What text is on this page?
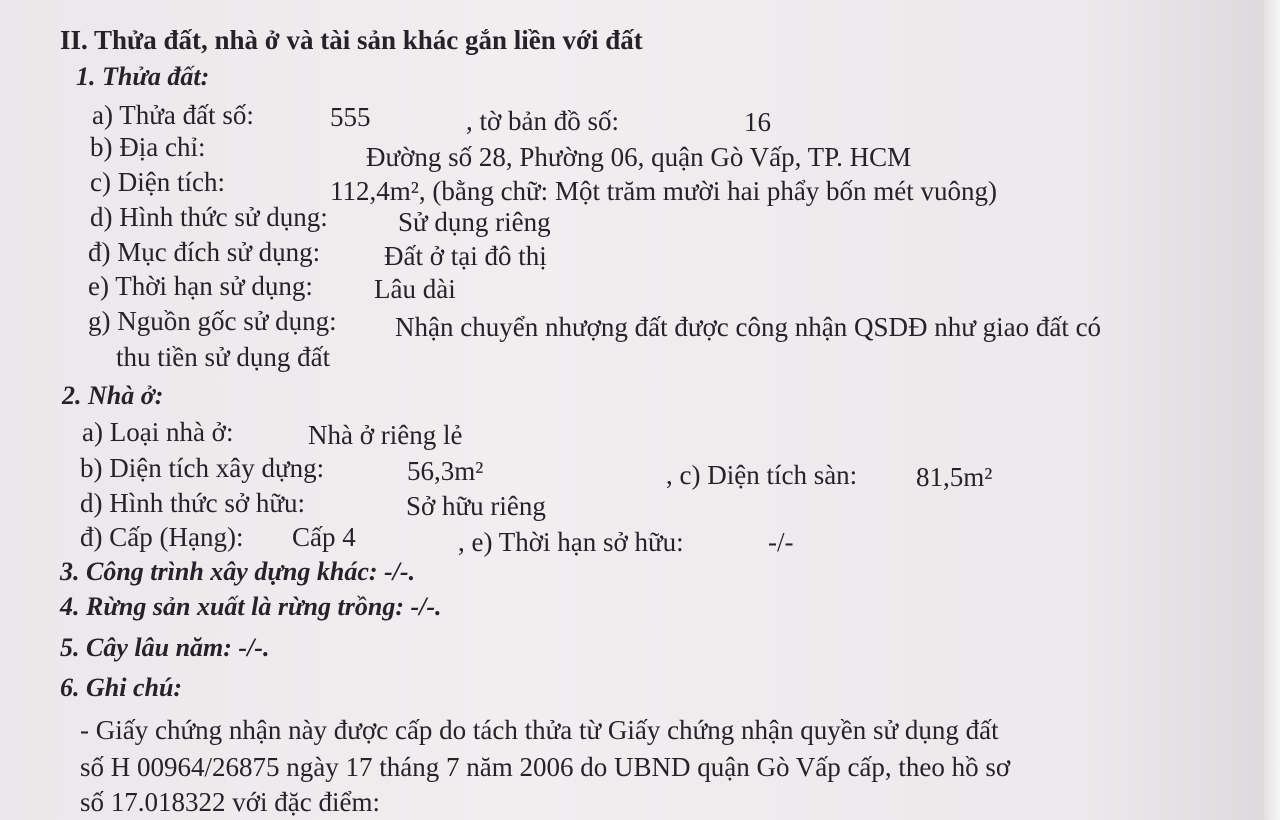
II. Thửa đất, nhà ở và tài sản khác gắn liền với đất
1. Thửa đất:
a) Thửa đất số:	555	, tờ bản đồ số:	16
b) Địa chỉ:	Đường số 28, Phường 06, quận Gò Vấp, TP. HCM
c) Diện tích:	112,4m², (bằng chữ: Một trăm mười hai phẩy bốn mét vuông)
d) Hình thức sử dụng:	Sử dụng riêng
đ) Mục đích sử dụng: Đất ở tại đô thị
e) Thời hạn sử dụng: Lâu dài
g) Nguồn gốc sử dụng: Nhận chuyển nhượng đất được công nhận QSDĐ như giao đất có
thu tiền sử dụng đất
2. Nhà ở:
a) Loại nhà ở:	Nhà ở riêng lẻ
b) Diện tích xây dựng:	56,3m²	, c) Diện tích sàn: 81,5m²
d) Hình thức sở hữu:	Sở hữu riêng
đ) Cấp (Hạng): Cấp 4	, e) Thời hạn sở hữu:	-/-
3. Công trình xây dựng khác: -/-.
4. Rừng sản xuất là rừng trồng: -/-.
5. Cây lâu năm: -/-.
6. Ghi chú:
- Giấy chứng nhận này được cấp do tách thửa từ Giấy chứng nhận quyền sử dụng đất
số H 00964/26875 ngày 17 tháng 7 năm 2006 do UBND quận Gò Vấp cấp, theo hồ sơ
số 17.018322 với đặc điểm:
